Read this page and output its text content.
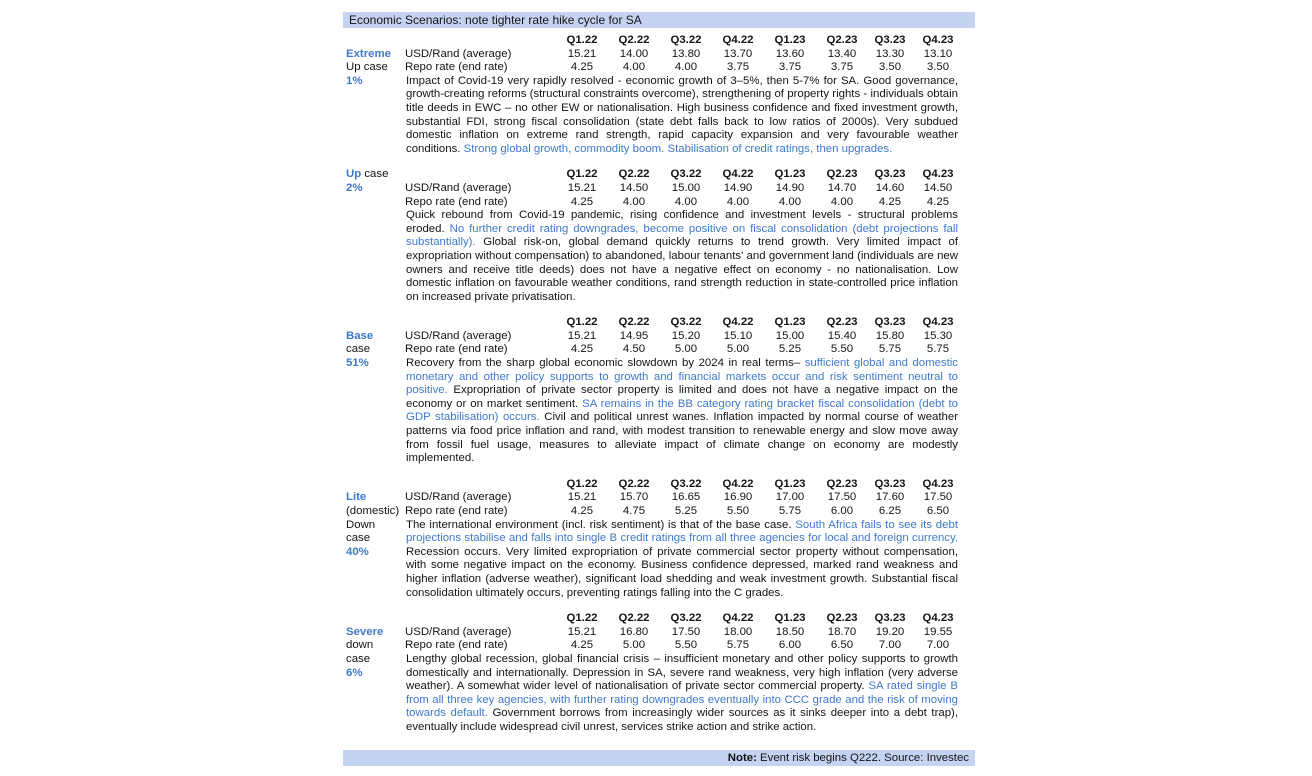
Economic Scenarios: note tighter rate hike cycle for SA
Q1.22	Q2.22	Q3.22	Q4.22	Q1.23	Q2.23	Q3.23	Q4.23
USD/Rand (average)	15.21	14.00	13.80	13.70	13.60	13.40	13.30	13.10
Repo rate (end rate)	4.25	4.00	4.00	3.75	3.75	3.75	3.50	3.50
Impact of Covid-19 very rapidly resolved - economic growth of 3–5%, then 5-7% for SA. Good governance, growth-creating reforms (structural constraints overcome), strengthening of property rights - individuals obtain title deeds in EWC – no other EW or nationalisation. High business confidence and fixed investment growth, substantial FDI, strong fiscal consolidation (state debt falls back to low ratios of 2000s). Very subdued domestic inflation on extreme rand strength, rapid capacity expansion and very favourable weather conditions. Strong global growth, commodity boom. Stabilisation of credit ratings, then upgrades.
Extreme
Up case
1%
Q1.22	Q2.22	Q3.22	Q4.22	Q1.23	Q2.23	Q3.23	Q4.23
USD/Rand (average)	15.21	14.50	15.00	14.90	14.90	14.70	14.60	14.50
Repo rate (end rate)	4.25	4.00	4.00	4.00	4.00	4.00	4.25	4.25
Quick rebound from Covid-19 pandemic, rising confidence and investment levels - structural problems eroded. No further credit rating downgrades, become positive on fiscal consolidation (debt projections fall substantially). Global risk-on, global demand quickly returns to trend growth. Very limited impact of expropriation without compensation) to abandoned, labour tenants' and government land (individuals are new owners and receive title deeds) does not have a negative effect on economy - no nationalisation. Low domestic inflation on favourable weather conditions, rand strength reduction in state-controlled price inflation on increased private privatisation.
Up case
2%
Q1.22	Q2.22	Q3.22	Q4.22	Q1.23	Q2.23	Q3.23	Q4.23
USD/Rand (average)	15.21	14.95	15.20	15.10	15.00	15.40	15.80	15.30
Repo rate (end rate)	4.25	4.50	5.00	5.00	5.25	5.50	5.75	5.75
Recovery from the sharp global economic slowdown by 2024 in real terms– sufficient global and domestic monetary and other policy supports to growth and financial markets occur and risk sentiment neutral to positive. Expropriation of private sector property is limited and does not have a negative impact on the economy or on market sentiment. SA remains in the BB category rating bracket fiscal consolidation (debt to GDP stabilisation) occurs. Civil and political unrest wanes. Inflation impacted by normal course of weather patterns via food price inflation and rand, with modest transition to renewable energy and slow move away from fossil fuel usage, measures to alleviate impact of climate change on economy are modestly implemented.
Base
case
51%
Q1.22	Q2.22	Q3.22	Q4.22	Q1.23	Q2.23	Q3.23	Q4.23
USD/Rand (average)	15.21	15.70	16.65	16.90	17.00	17.50	17.60	17.50
Repo rate (end rate)	4.25	4.75	5.25	5.50	5.75	6.00	6.25	6.50
The international environment (incl. risk sentiment) is that of the base case. South Africa fails to see its debt projections stabilise and falls into single B credit ratings from all three agencies for local and foreign currency. Recession occurs. Very limited expropriation of private commercial sector property without compensation, with some negative impact on the economy. Business confidence depressed, marked rand weakness and higher inflation (adverse weather), significant load shedding and weak investment growth. Substantial fiscal consolidation ultimately occurs, preventing ratings falling into the C grades.
Lite
(domestic)
Down
case
40%
Q1.22	Q2.22	Q3.22	Q4.22	Q1.23	Q2.23	Q3.23	Q4.23
USD/Rand (average)	15.21	16.80	17.50	18.00	18.50	18.70	19.20	19.55
Repo rate (end rate)	4.25	5.00	5.50	5.75	6.00	6.50	7.00	7.00
Lengthy global recession, global financial crisis – insufficient monetary and other policy supports to growth domestically and internationally. Depression in SA, severe rand weakness, very high inflation (very adverse weather). A somewhat wider level of nationalisation of private sector commercial property. SA rated single B from all three key agencies, with further rating downgrades eventually into CCC grade and the risk of moving towards default. Government borrows from increasingly wider sources as it sinks deeper into a debt trap), eventually include widespread civil unrest, services strike action and strike action.
Severe
down
case
6%
Note: Event risk begins Q222. Source: Investec
